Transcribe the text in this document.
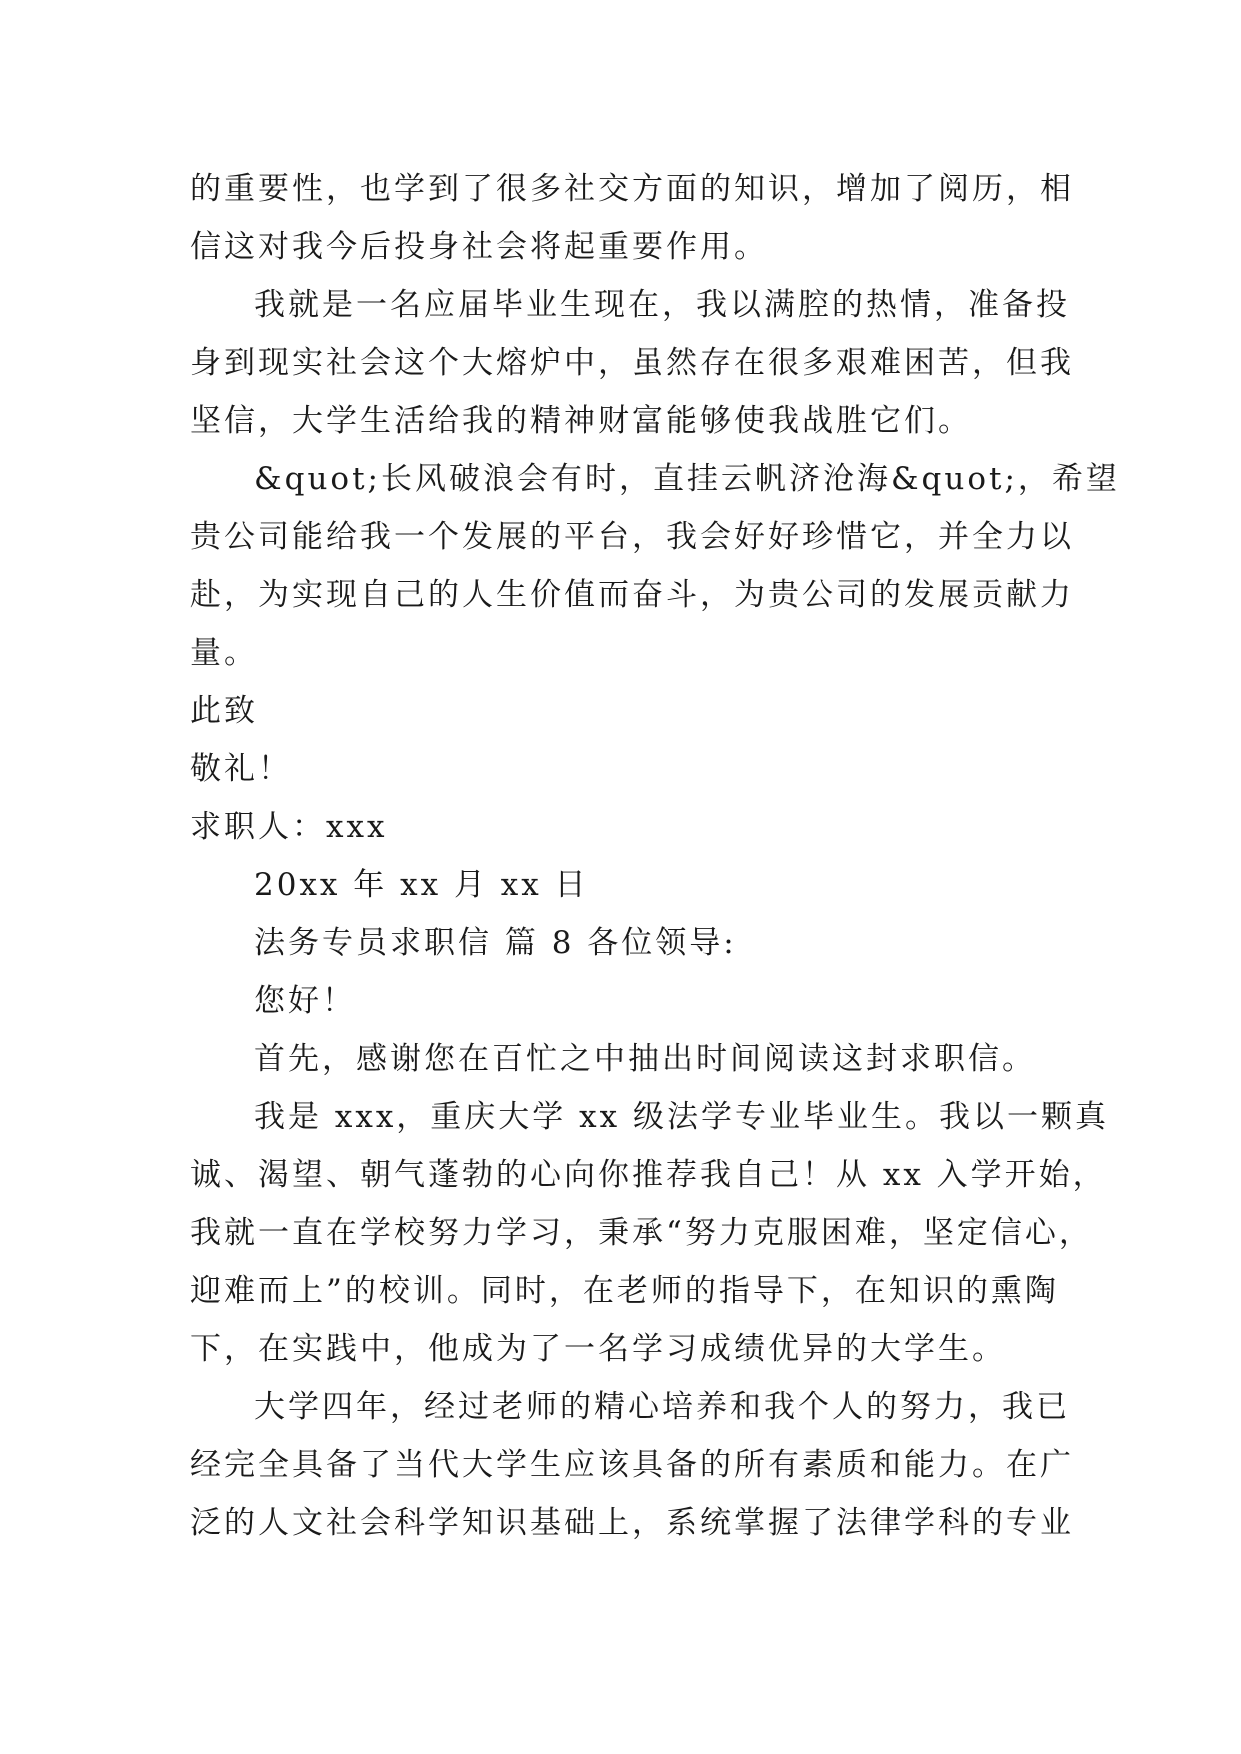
的重要性，也学到了很多社交方面的知识，增加了阅历，相
信这对我今后投身社会将起重要作用。
我就是一名应届毕业生现在，我以满腔的热情，准备投
身到现实社会这个大熔炉中，虽然存在很多艰难困苦，但我
坚信，大学生活给我的精神财富能够使我战胜它们。
&quot;长风破浪会有时，直挂云帆济沧海&quot;，希望
贵公司能给我一个发展的平台，我会好好珍惜它，并全力以
赴，为实现自己的人生价值而奋斗，为贵公司的发展贡献力
量。
此致
敬礼！
求职人：xxx
20xx 年 xx 月 xx 日
法务专员求职信 篇 8 各位领导:
您好！
首先，感谢您在百忙之中抽出时间阅读这封求职信。
我是 xxx，重庆大学 xx 级法学专业毕业生。我以一颗真
诚、渴望、朝气蓬勃的心向你推荐我自己！从 xx 入学开始，
我就一直在学校努力学习，秉承“努力克服困难，坚定信心，
迎难而上”的校训。同时，在老师的指导下，在知识的熏陶
下，在实践中，他成为了一名学习成绩优异的大学生。
大学四年，经过老师的精心培养和我个人的努力，我已
经完全具备了当代大学生应该具备的所有素质和能力。在广
泛的人文社会科学知识基础上，系统掌握了法律学科的专业
